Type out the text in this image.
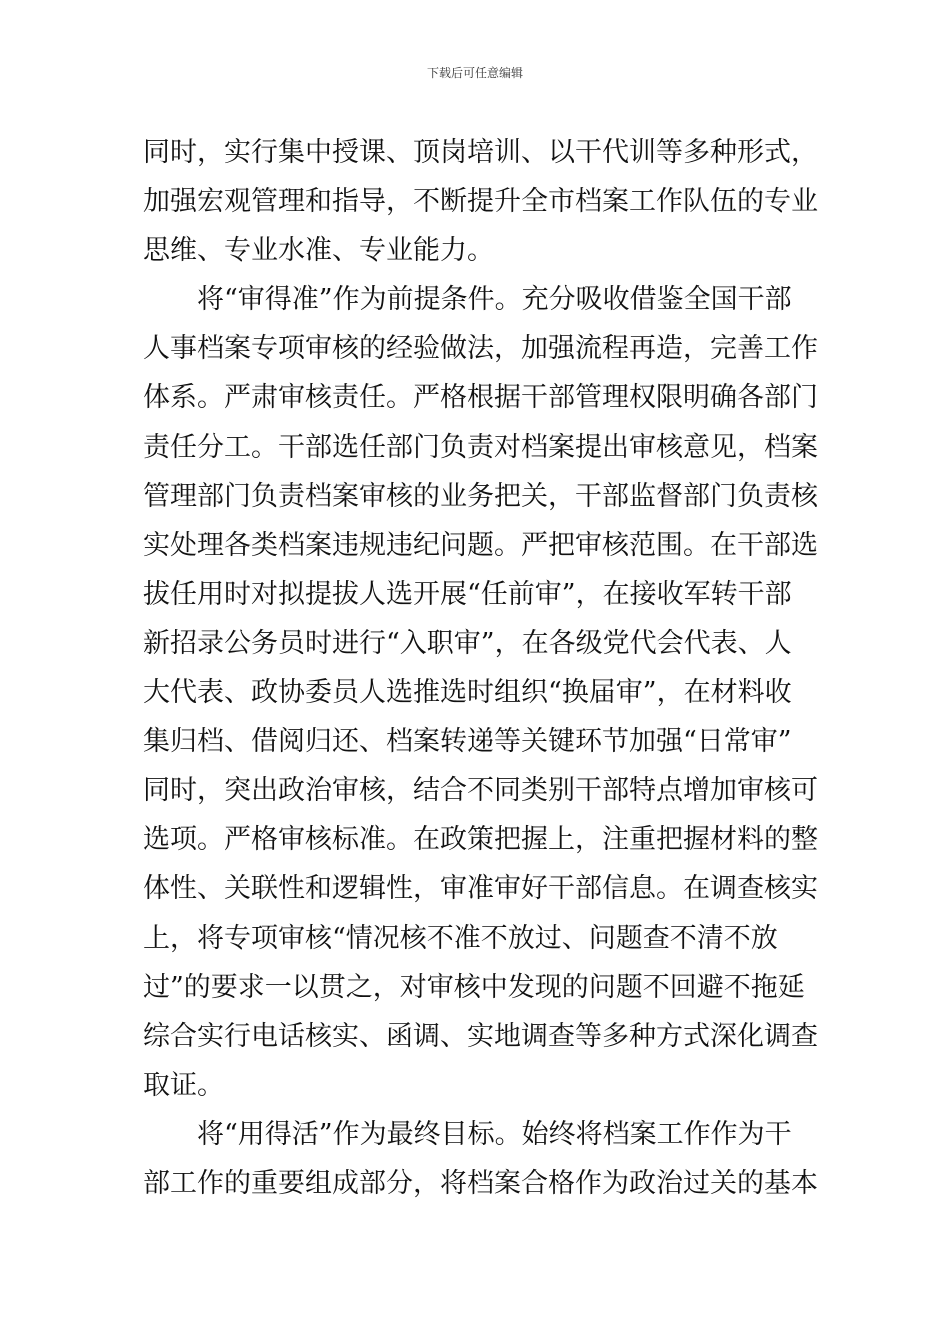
下载后可任意编辑
同时，实行集中授课、顶岗培训、以干代训等多种形式，
加强宏观管理和指导，不断提升全市档案工作队伍的专业
思维、专业水准、专业能力。
将“审得准”作为前提条件。充分吸收借鉴全国干部
人事档案专项审核的经验做法，加强流程再造，完善工作
体系。严肃审核责任。严格根据干部管理权限明确各部门
责任分工。干部选任部门负责对档案提出审核意见，档案
管理部门负责档案审核的业务把关，干部监督部门负责核
实处理各类档案违规违纪问题。严把审核范围。在干部选
拔任用时对拟提拔人选开展“任前审”，在接收军转干部
新招录公务员时进行“入职审”，在各级党代会代表、人
大代表、政协委员人选推选时组织“换届审”，在材料收
集归档、借阅归还、档案转递等关键环节加强“日常审”
同时，突出政治审核，结合不同类别干部特点增加审核可
选项。严格审核标准。在政策把握上，注重把握材料的整
体性、关联性和逻辑性，审准审好干部信息。在调查核实
上，将专项审核“情况核不准不放过、问题查不清不放
过”的要求一以贯之，对审核中发现的问题不回避不拖延
综合实行电话核实、函调、实地调查等多种方式深化调查
取证。
将“用得活”作为最终目标。始终将档案工作作为干
部工作的重要组成部分，将档案合格作为政治过关的基本
